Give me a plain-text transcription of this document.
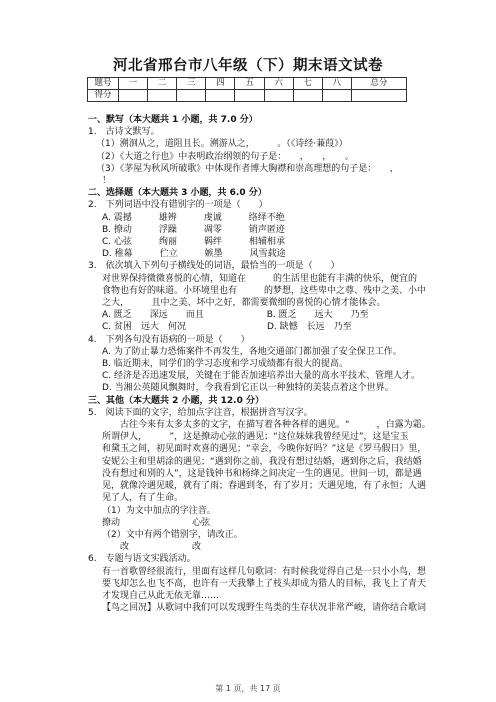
河北省邢台市八年级（下）期末语文试卷
题号	一	二	三	四	五	六	七	八	总分
得分									
一、默写（本大题共 1 小题，共 7.0 分）
1.　古诗文默写。
（1）溯洄从之，道阻且长。溯游从之，　　　。（《诗经·蒹葭》）
（2）《大道之行也》中表明政治纲领的句子是：　　，　　，　　。
（3）《茅屋为秋风所破歌》中体现作者博大胸襟和崇高理想的句子是：　　，
！
二、选择题（本大题共 3 小题，共 6.0 分）
2.　下列词语中没有错别字的一项是（　　）
A. 震撼　　　雄辨　　　虔诚　　　络绎不绝
B. 撩动　　　浮躁　　　凋零　　　销声匿迹
C. 心弦　　　绚丽　　　羁绊　　　相辅相承
D. 稚幕　　　伫立　　　嫉墨　　　风雪载途
3.　依次填入下列句子横线处的词语，最恰当的一项是（　　）
对世界保持微微喜悦的心情，知道在　　　的生活里也能有丰满的快乐，便宜的
食物也有好的味道。小环境里也有　　　的梦想，这些卑中之尊、残中之美、小中
之大，　　　且中之美、坏中之好，都需要微细的喜悦的心情才能体会。
A. 匮乏　　深远　　而且　　　　　　　B. 匮乏　　远大　　乃至
C. 贫困　远大　何况　　　　　　　　　D. 缺憾　长远　乃至
4.　下列各句没有语病的一项是（　　）
A. 为了防止暴力恐怖案件不再发生，各地交通部门都加强了安全保卫工作。
B. 临近期末，同学们的学习态度和学习成绩都有很大的提高。
C. 经济是否迅速发展，关键在于能否加速培养出大量的高水平技术、管理人才。
D. 当湘公英随风飘舞时，令我看到它正以一种独特的美装点着这个世界。
三、其他（本大题共 2 小题，共 12.0 分）
5.　阅读下面的文字，给加点字注音，根据拼音写汉字。
　　古往今来有太多太多的文字，在描写着各种各样的遇见。“　　　，白露为霜。
所谓伊人，　　　”，这是撩动心弦的遇见；“这位妹妹我曾经见过”，这是宝玉
和黛玉之间，初见面时欢喜的遇见；“幸会，今晚你好吗？”这是《罗马假日》里，
安妮公主和里胡涂的遇见；“遇到你之前，我没有想过结婚，遇到你之后，我结婚
没有想过和别的人”，这是钱钟书和杨绛之间决定一生的遇见。世间一切，都是遇
见，就像冷遇见暖，就有了雨；春遇到冬，有了岁月；天遇见地，有了永恒；人遇
见了人，有了生命。
（1）为文中加点的字注音。
撩动　　　　　　　　心弦
（2）文中有两个错别字，请改正。
　　改　　　　　　　改
6.　专题与语文实践活动。
有一首歌曾经很流行，里面有这样几句歌词：有时候我觉得自己是一只小小鸟，想
要飞却怎么也飞不高，也许有一天我攀上了枝头却成为猎人的目标，我飞上了青天
才发现自己从此无依无靠……
【鸟之回况】从歌词中我们可以发现野生鸟类的生存状况非常严峻，请你结合歌词
第 1 页，共 17 页
